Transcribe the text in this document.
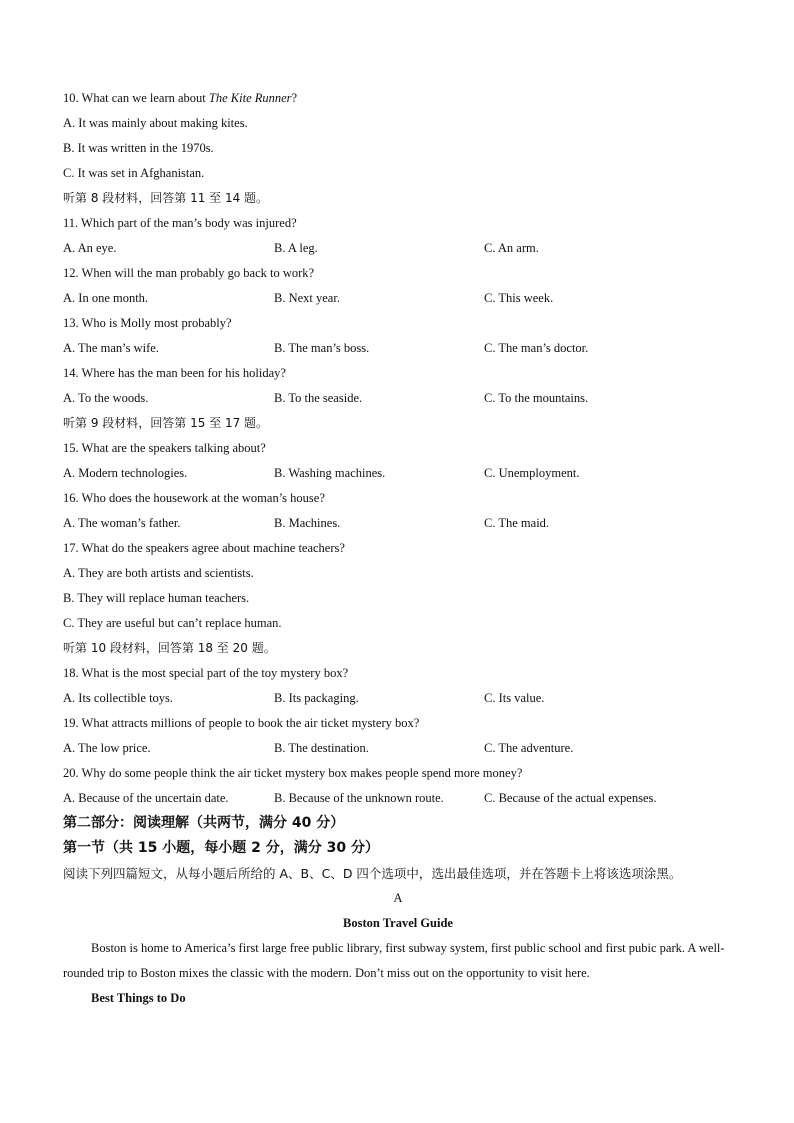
10. What can we learn about The Kite Runner?
A. It was mainly about making kites.
B. It was written in the 1970s.
C. It was set in Afghanistan.
听第 8 段材料，回答第 11 至 14 题。
11. Which part of the man’s body was injured?
A. An eye.	B. A leg.	C. An arm.
12. When will the man probably go back to work?
A. In one month.	B. Next year.	C. This week.
13. Who is Molly most probably?
A. The man’s wife.	B. The man’s boss.	C. The man’s doctor.
14. Where has the man been for his holiday?
A. To the woods.	B. To the seaside.	C. To the mountains.
听第 9 段材料，回答第 15 至 17 题。
15. What are the speakers talking about?
A. Modern technologies.	B. Washing machines.	C. Unemployment.
16. Who does the housework at the woman’s house?
A. The woman’s father.	B. Machines.	C. The maid.
17. What do the speakers agree about machine teachers?
A. They are both artists and scientists.
B. They will replace human teachers.
C. They are useful but can’t replace human.
听第 10 段材料，回答第 18 至 20 题。
18. What is the most special part of the toy mystery box?
A. Its collectible toys.	B. Its packaging.	C. Its value.
19. What attracts millions of people to book the air ticket mystery box?
A. The low price.	B. The destination.	C. The adventure.
20. Why do some people think the air ticket mystery box makes people spend more money?
A. Because of the uncertain date.	B. Because of the unknown route.	C. Because of the actual expenses.
第二部分：阅读理解（共两节，满分 40 分）
第一节（共 15 小题，每小题 2 分，满分 30 分）
阅读下列四篇短文，从每小题后所给的 A、B、C、D 四个选项中，选出最佳选项，并在答题卡上将该选项涂黑。
A
Boston Travel Guide
Boston is home to America’s first large free public library, first subway system, first public school and first pubic park. A well-rounded trip to Boston mixes the classic with the modern. Don’t miss out on the opportunity to visit here.
Best Things to Do
